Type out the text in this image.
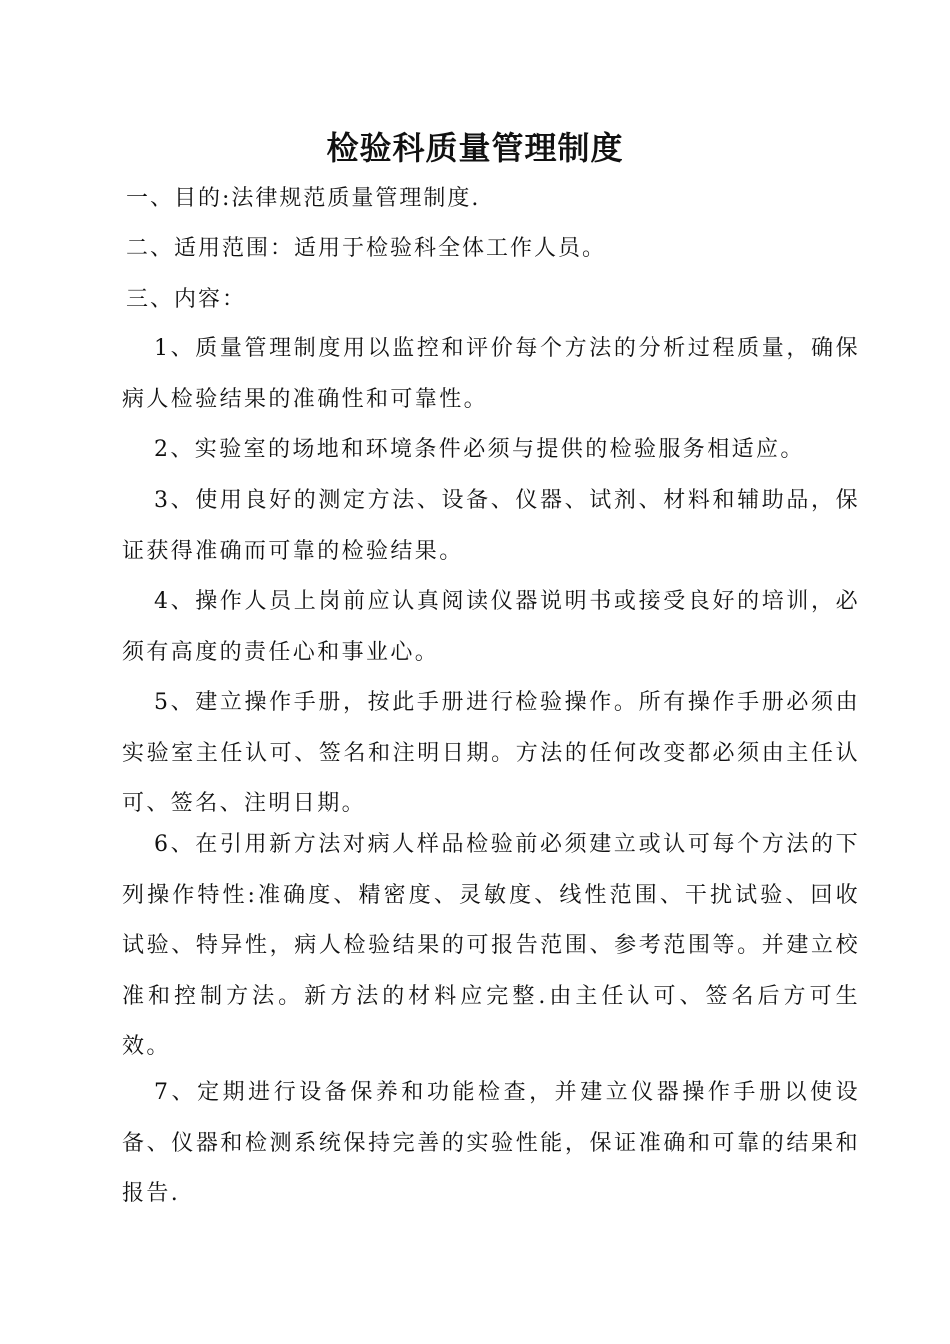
检验科质量管理制度

一、目的:法律规范质量管理制度.

二、适用范围：适用于检验科全体工作人员。

三、内容：

1、质量管理制度用以监控和评价每个方法的分析过程质量，确保病人检验结果的准确性和可靠性。

2、实验室的场地和环境条件必须与提供的检验服务相适应。

3、使用良好的测定方法、设备、仪器、试剂、材料和辅助品，保证获得准确而可靠的检验结果。

4、操作人员上岗前应认真阅读仪器说明书或接受良好的培训，必须有高度的责任心和事业心。

5、建立操作手册，按此手册进行检验操作。所有操作手册必须由实验室主任认可、签名和注明日期。方法的任何改变都必须由主任认可、签名、注明日期。

6、在引用新方法对病人样品检验前必须建立或认可每个方法的下列操作特性:准确度、精密度、灵敏度、线性范围、干扰试验、回收试验、特异性，病人检验结果的可报告范围、参考范围等。并建立校准和控制方法。新方法的材料应完整.由主任认可、签名后方可生效。

7、定期进行设备保养和功能检查，并建立仪器操作手册以使设备、仪器和检测系统保持完善的实验性能，保证准确和可靠的结果和报告.
